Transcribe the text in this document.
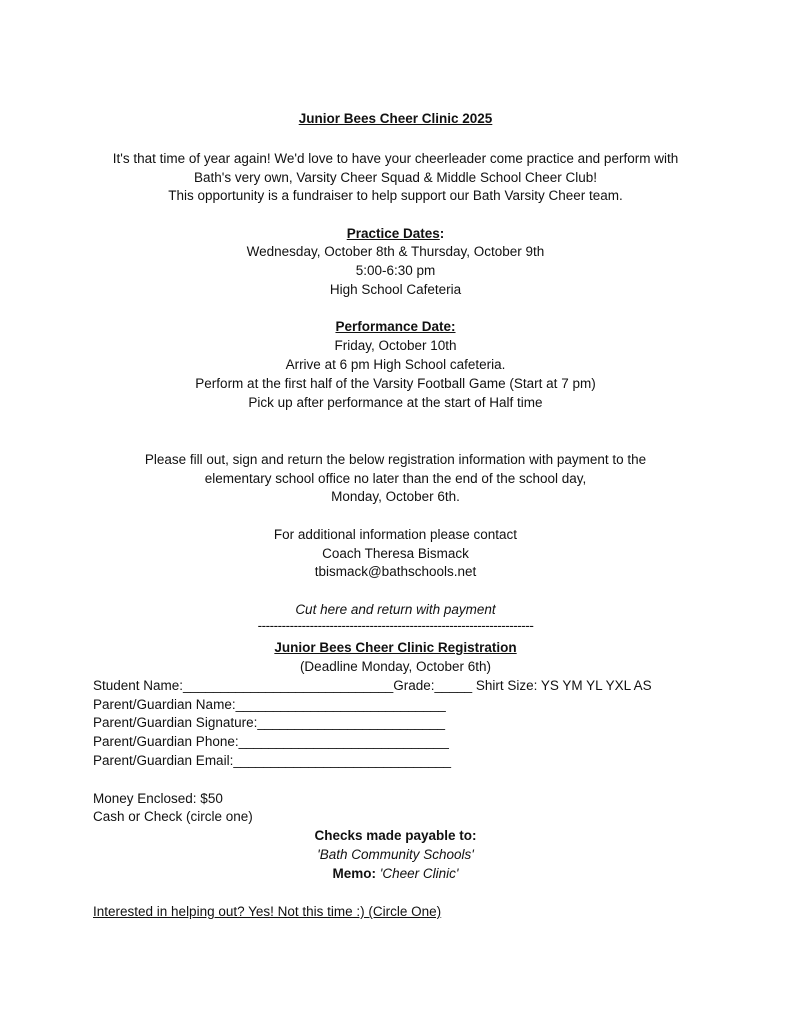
Junior Bees Cheer Clinic 2025
It's that time of year again! We'd love to have your cheerleader come practice and perform with
Bath's very own, Varsity Cheer Squad & Middle School Cheer Club!
This opportunity is a fundraiser to help support our Bath Varsity Cheer team.
Practice Dates:
Wednesday, October 8th & Thursday, October 9th
5:00-6:30 pm
High School Cafeteria
Performance Date:
Friday, October 10th
Arrive at 6 pm High School cafeteria.
Perform at the first half of the Varsity Football Game (Start at 7 pm)
Pick up after performance at the start of Half time
Please fill out, sign and return the below registration information with payment to the
elementary school office no later than the end of the school day,
Monday, October 6th.
For additional information please contact
Coach Theresa Bismack
tbismack@bathschools.net
Cut here and return with payment
---------------------------------------------------------------------
Junior Bees Cheer Clinic Registration
(Deadline Monday, October 6th)
Student Name:____________________________Grade:_____ Shirt Size: YS YM YL YXL AS
Parent/Guardian Name:____________________________
Parent/Guardian Signature:_________________________
Parent/Guardian Phone:____________________________
Parent/Guardian Email:_____________________________
Money Enclosed: $50
Cash or Check (circle one)
Checks made payable to:
'Bath Community Schools'
Memo: 'Cheer Clinic'
Interested in helping out? Yes! Not this time :) (Circle One)
